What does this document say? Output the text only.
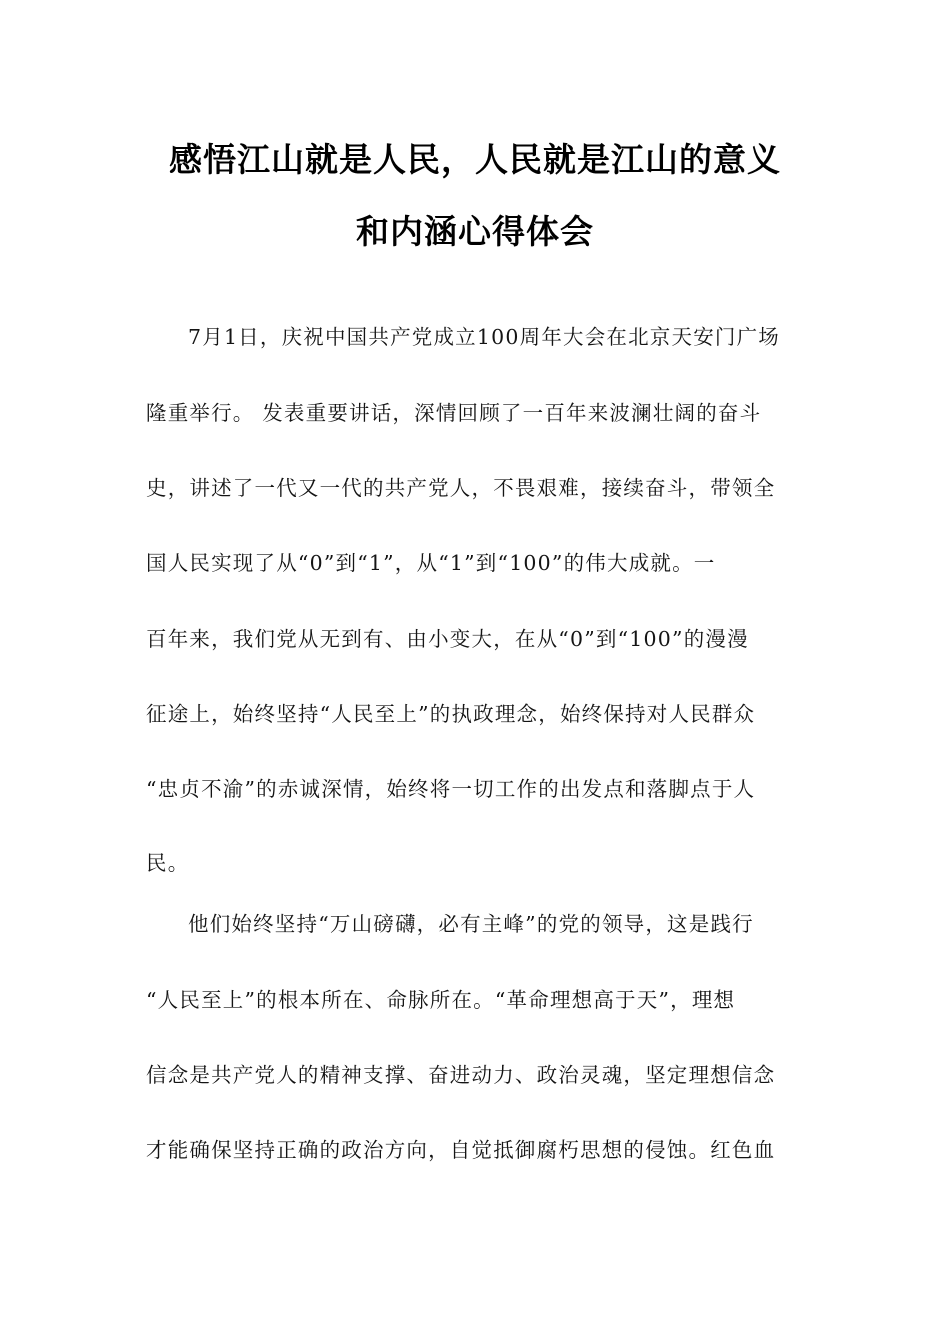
感悟江山就是人民，人民就是江山的意义
和内涵心得体会
7月1日，庆祝中国共产党成立100周年大会在北京天安门广场
隆重举行。 发表重要讲话，深情回顾了一百年来波澜壮阔的奋斗
史，讲述了一代又一代的共产党人，不畏艰难，接续奋斗，带领全
国人民实现了从“0”到“1”，从“1”到“100”的伟大成就。一
百年来，我们党从无到有、由小变大，在从“0”到“100”的漫漫
征途上，始终坚持“人民至上”的执政理念，始终保持对人民群众
“忠贞不渝”的赤诚深情，始终将一切工作的出发点和落脚点于人
民。
他们始终坚持“万山磅礴，必有主峰”的党的领导，这是践行
“人民至上”的根本所在、命脉所在。“革命理想高于天”，理想
信念是共产党人的精神支撑、奋进动力、政治灵魂，坚定理想信念
才能确保坚持正确的政治方向，自觉抵御腐朽思想的侵蚀。红色血
